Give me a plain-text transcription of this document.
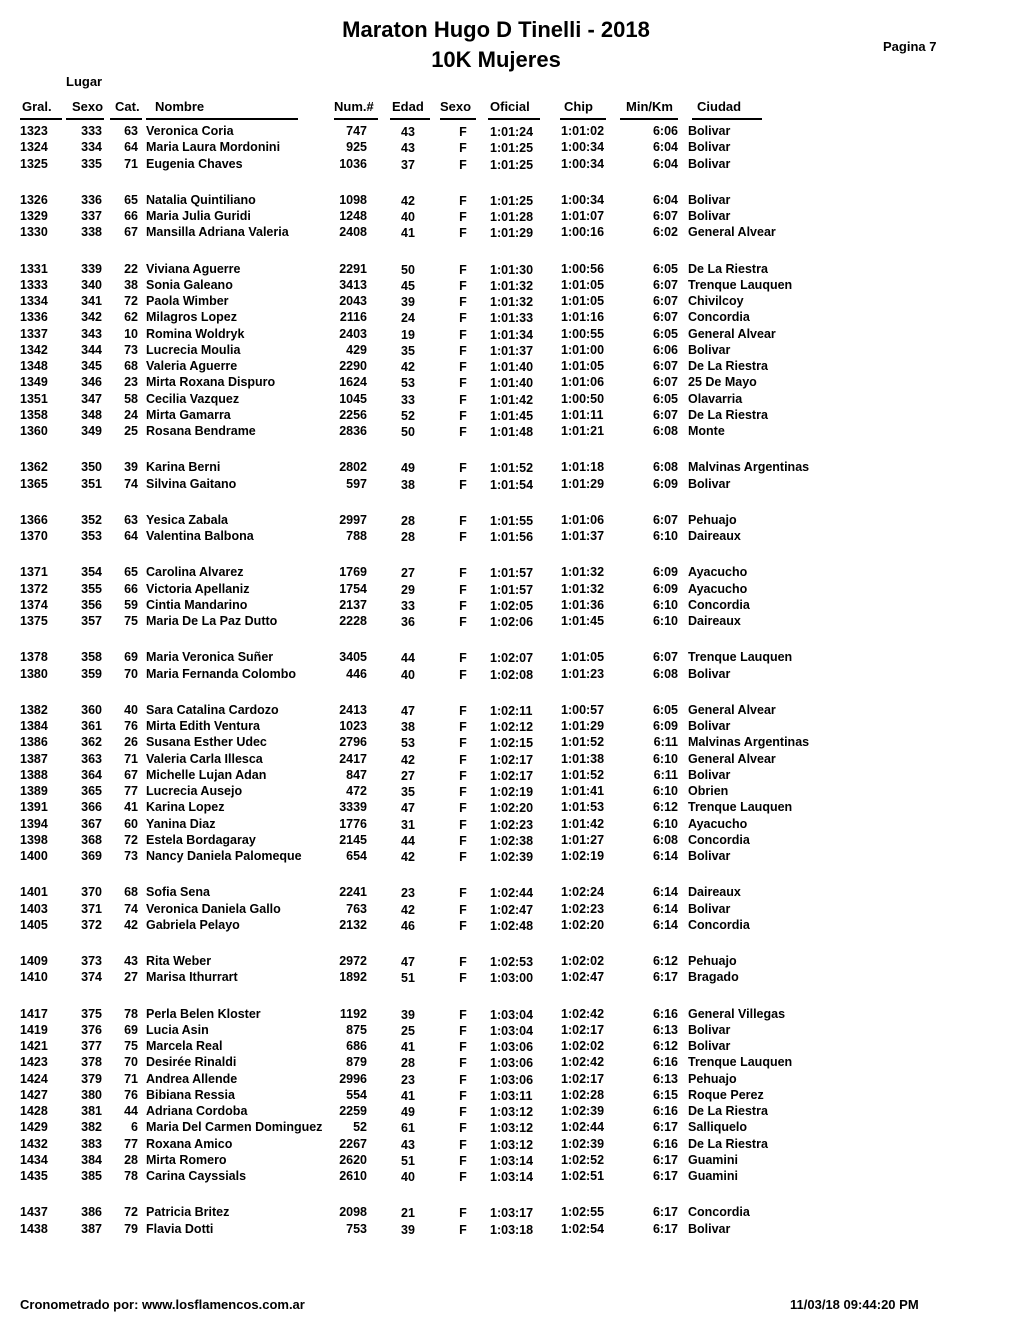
Maraton Hugo D Tinelli - 2018
10K Mujeres
Pagina 7
Lugar
Gral. Sexo Cat. Nombre	Num.# Edad Sexo Oficial	Chip	Min/Km Ciudad
1323	333	63 Veronica Coria	747	43	F 1:01:24 1:01:02	6:06 Bolivar
1324	334	64 Maria Laura Mordonini	925	43	F 1:01:25 1:00:34	6:04 Bolivar
1325	335	71 Eugenia Chaves	1036	37	F 1:01:25 1:00:34	6:04 Bolivar
1326	336	65 Natalia Quintiliano	1098	42	F 1:01:25 1:00:34	6:04 Bolivar
1329	337	66 Maria Julia Guridi	1248	40	F 1:01:28 1:01:07	6:07 Bolivar
1330	338	67 Mansilla Adriana Valeria	2408	41	F 1:01:29 1:00:16	6:02 General Alvear
1331	339	22 Viviana Aguerre	2291	50	F 1:01:30 1:00:56	6:05 De La Riestra
1333	340	38 Sonia Galeano	3413	45	F 1:01:32 1:01:05	6:07 Trenque Lauquen
1334	341	72 Paola Wimber	2043	39	F 1:01:32 1:01:05	6:07 Chivilcoy
1336	342	62 Milagros Lopez	2116	24	F 1:01:33 1:01:16	6:07 Concordia
1337	343	10 Romina Woldryk	2403	19	F 1:01:34 1:00:55	6:05 General Alvear
1342	344	73 Lucrecia Moulia	429	35	F 1:01:37 1:01:00	6:06 Bolivar
1348	345	68 Valeria Aguerre	2290	42	F 1:01:40 1:01:05	6:07 De La Riestra
1349	346	23 Mirta Roxana Dispuro	1624	53	F 1:01:40 1:01:06	6:07 25 De Mayo
1351	347	58 Cecilia Vazquez	1045	33	F 1:01:42 1:00:50	6:05 Olavarria
1358	348	24 Mirta Gamarra	2256	52	F 1:01:45 1:01:11	6:07 De La Riestra
1360	349	25 Rosana Bendrame	2836	50	F 1:01:48 1:01:21	6:08 Monte
1362	350	39 Karina Berni	2802	49	F 1:01:52 1:01:18	6:08 Malvinas Argentinas
1365	351	74 Silvina Gaitano	597	38	F 1:01:54 1:01:29	6:09 Bolivar
1366	352	63 Yesica Zabala	2997	28	F 1:01:55 1:01:06	6:07 Pehuajo
1370	353	64 Valentina Balbona	788	28	F 1:01:56 1:01:37	6:10 Daireaux
1371	354	65 Carolina Alvarez	1769	27	F 1:01:57 1:01:32	6:09 Ayacucho
1372	355	66 Victoria Apellaniz	1754	29	F 1:01:57 1:01:32	6:09 Ayacucho
1374	356	59 Cintia Mandarino	2137	33	F 1:02:05 1:01:36	6:10 Concordia
1375	357	75 Maria De La Paz Dutto	2228	36	F 1:02:06 1:01:45	6:10 Daireaux
1378	358	69 Maria Veronica Suñer	3405	44	F 1:02:07 1:01:05	6:07 Trenque Lauquen
1380	359	70 Maria Fernanda Colombo	446	40	F 1:02:08 1:01:23	6:08 Bolivar
1382	360	40 Sara Catalina Cardozo	2413	47	F 1:02:11 1:00:57	6:05 General Alvear
1384	361	76 Mirta Edith Ventura	1023	38	F 1:02:12 1:01:29	6:09 Bolivar
1386	362	26 Susana Esther Udec	2796	53	F 1:02:15 1:01:52	6:11 Malvinas Argentinas
1387	363	71 Valeria Carla Illesca	2417	42	F 1:02:17 1:01:38	6:10 General Alvear
1388	364	67 Michelle Lujan Adan	847	27	F 1:02:17 1:01:52	6:11 Bolivar
1389	365	77 Lucrecia Ausejo	472	35	F 1:02:19 1:01:41	6:10 Obrien
1391	366	41 Karina Lopez	3339	47	F 1:02:20 1:01:53	6:12 Trenque Lauquen
1394	367	60 Yanina Diaz	1776	31	F 1:02:23 1:01:42	6:10 Ayacucho
1398	368	72 Estela Bordagaray	2145	44	F 1:02:38 1:01:27	6:08 Concordia
1400	369	73 Nancy Daniela Palomeque	654	42	F 1:02:39 1:02:19	6:14 Bolivar
1401	370	68 Sofia Sena	2241	23	F 1:02:44 1:02:24	6:14 Daireaux
1403	371	74 Veronica Daniela Gallo	763	42	F 1:02:47 1:02:23	6:14 Bolivar
1405	372	42 Gabriela Pelayo	2132	46	F 1:02:48 1:02:20	6:14 Concordia
1409	373	43 Rita Weber	2972	47	F 1:02:53 1:02:02	6:12 Pehuajo
1410	374	27 Marisa Ithurrart	1892	51	F 1:03:00 1:02:47	6:17 Bragado
1417	375	78 Perla Belen Kloster	1192	39	F 1:03:04 1:02:42	6:16 General Villegas
1419	376	69 Lucia Asin	875	25	F 1:03:04 1:02:17	6:13 Bolivar
1421	377	75 Marcela Real	686	41	F 1:03:06 1:02:02	6:12 Bolivar
1423	378	70 Desirée Rinaldi	879	28	F 1:03:06 1:02:42	6:16 Trenque Lauquen
1424	379	71 Andrea Allende	2996	23	F 1:03:06 1:02:17	6:13 Pehuajo
1427	380	76 Bibiana Ressia	554	41	F 1:03:11 1:02:28	6:15 Roque Perez
1428	381	44 Adriana Cordoba	2259	49	F 1:03:12 1:02:39	6:16 De La Riestra
1429	382	6 Maria Del Carmen Dominguez	52	61	F 1:03:12 1:02:44	6:17 Salliquelo
1432	383	77 Roxana Amico	2267	43	F 1:03:12 1:02:39	6:16 De La Riestra
1434	384	28 Mirta Romero	2620	51	F 1:03:14 1:02:52	6:17 Guamini
1435	385	78 Carina Cayssials	2610	40	F 1:03:14 1:02:51	6:17 Guamini
1437	386	72 Patricia Britez	2098	21	F 1:03:17 1:02:55	6:17 Concordia
1438	387	79 Flavia Dotti	753	39	F 1:03:18 1:02:54	6:17 Bolivar
Cronometrado por: www.losflamencos.com.ar	11/03/18 09:44:20 PM
